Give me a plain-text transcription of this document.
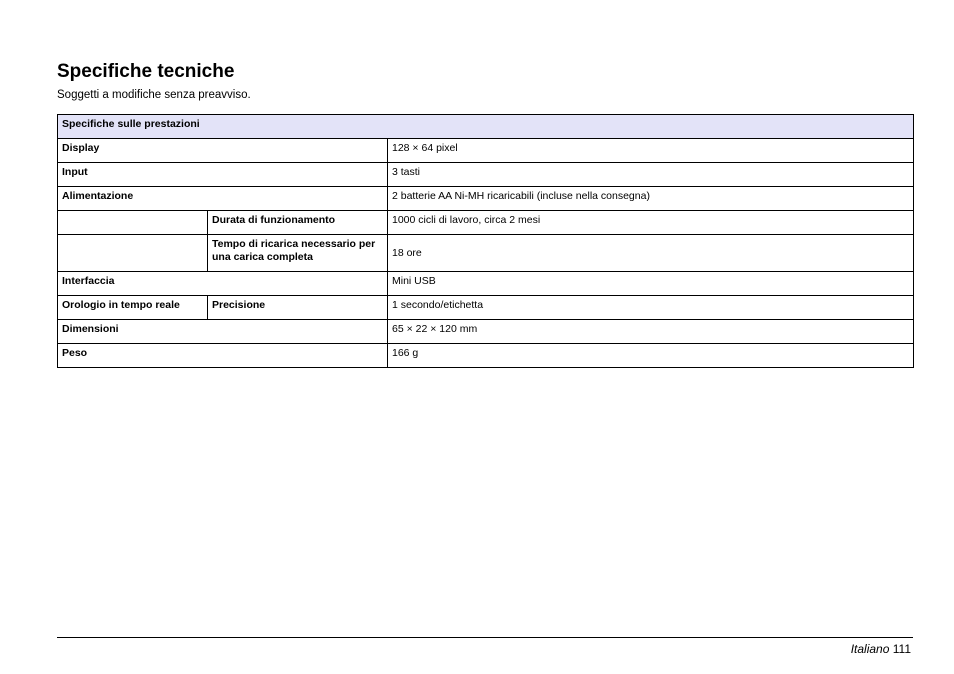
Specifiche tecniche

Soggetti a modifiche senza preavviso.

Specifiche sulle prestazioni		
Display		128 × 64 pixel
Input		3 tasti
Alimentazione		2 batterie AA Ni-MH ricaricabili (incluse nella consegna)
	Durata di funzionamento	1000 cicli di lavoro, circa 2 mesi
	Tempo di ricarica necessario per una carica completa	18 ore
Interfaccia		Mini USB
Orologio in tempo reale	Precisione	1 secondo/etichetta
Dimensioni		65 × 22 × 120 mm
Peso		166 g
Italiano 111
